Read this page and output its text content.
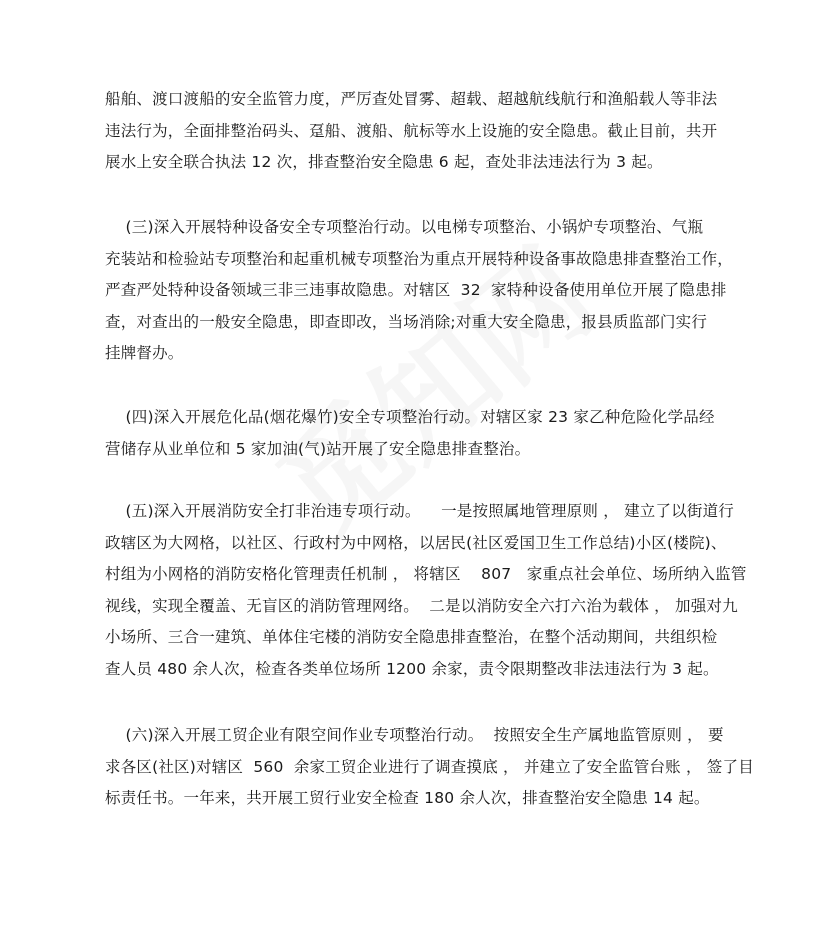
船舶、渡口渡船的安全监管力度，严厉查处冒雾、超载、超越航线航行和渔船载人等非法
违法行为，全面排整治码头、趸船、渡船、航标等水上设施的安全隐患。截止目前，共开
展水上安全联合执法 12 次，排查整治安全隐患 6 起，查处非法违法行为 3 起。
(三)深入开展特种设备安全专项整治行动。以电梯专项整治、小锅炉专项整治、气瓶
充装站和检验站专项整治和起重机械专项整治为重点开展特种设备事故隐患排查整治工作，
严查严处特种设备领域三非三违事故隐患。对辖区  32  家特种设备使用单位开展了隐患排
查，对查出的一般安全隐患，即查即改，当场消除;对重大安全隐患，报县质监部门实行
挂牌督办。
(四)深入开展危化品(烟花爆竹)安全专项整治行动。对辖区家 23 家乙种危险化学品经
营储存从业单位和 5 家加油(气)站开展了安全隐患排查整治。
(五)深入开展消防安全打非治违专项行动。    一是按照属地管理原则 ， 建立了以街道行
政辖区为大网格，以社区、行政村为中网格，以居民(社区爱国卫生工作总结)小区(楼院)、
村组为小网格的消防安格化管理责任机制 ， 将辖区    807   家重点社会单位、场所纳入监管
视线，实现全覆盖、无盲区的消防管理网络。  二是以消防安全六打六治为载体 ， 加强对九
小场所、三合一建筑、单体住宅楼的消防安全隐患排查整治，在整个活动期间，共组织检
查人员 480 余人次，检查各类单位场所 1200 余家，责令限期整改非法违法行为 3 起。
(六)深入开展工贸企业有限空间作业专项整治行动。  按照安全生产属地监管原则 ， 要
求各区(社区)对辖区  560  余家工贸企业进行了调查摸底 ， 并建立了安全监管台账 ， 签了目
标责任书。一年来，共开展工贸行业安全检查 180 余人次，排查整治安全隐患 14 起。
